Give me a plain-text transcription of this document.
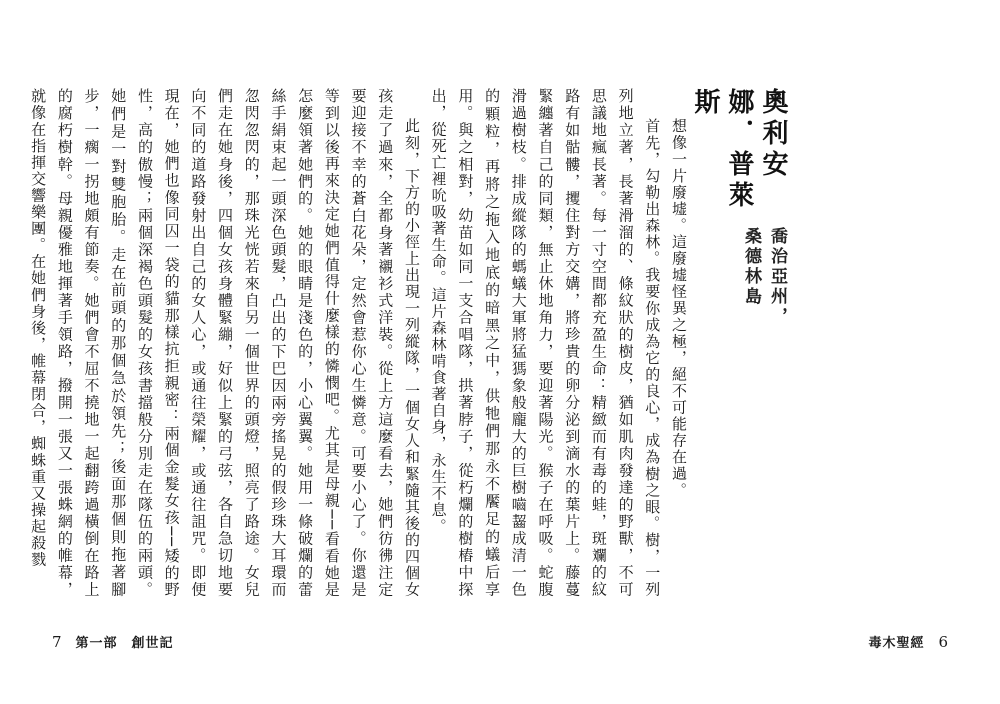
奧利安娜．普萊斯
喬治亞州，桑德林島

想像一片廢墟。這廢墟怪異之極，絕不可能存在過。

首先，勾勒出森林。我要你成為它的良心，成為樹之眼。樹，一列列地立著，長著滑溜的、條紋狀的樹皮，猶如肌肉發達的野獸，不可思議地瘋長著。每一寸空間都充盈生命：精緻而有毒的蛙，斑斕的紋路有如骷髏，攫住對方交媾，將珍貴的卵分泌到滴水的葉片上。藤蔓緊纏著自己的同類，無止休地角力，要迎著陽光。猴子在呼吸。蛇腹滑過樹枝。排成縱隊的螞蟻大軍將猛獁象般龐大的巨樹嚙齧成清一色的顆粒，再將之拖入地底的暗黑之中，供牠們那永不饜足的蟻后享用。與之相對，幼苗如同一支合唱隊，拱著脖子，從朽爛的樹樁中探出，從死亡裡吮吸著生命。這片森林啃食著自身，永生不息。

此刻，下方的小徑上出現一列縱隊，一個女人和緊隨其後的四個女孩走了過來，全都身著襯衫式洋裝。從上方這麼看去，她們彷彿注定要迎接不幸的蒼白花朵，定然會惹你心生憐意。可要小心了。你還是等到以後再來決定她們值得什麼樣的憐憫吧。尤其是母親──看看她是怎麼領著她們的。她的眼睛是淺色的，小心翼翼。她用一條破爛的蕾絲手絹束起一頭深色頭髮，凸出的下巴因兩旁搖晃的假珍珠大耳環而忽閃忽閃的，那珠光恍若來自另一個世界的頭燈，照亮了路途。女兒們走在她身後，四個女孩身體緊繃，好似上緊的弓弦，各自急切地要向不同的道路發射出自己的女人心，或通往榮耀，或通往詛咒。即便現在，她們也像同囚一袋的貓那樣抗拒親密：兩個金髮女孩──矮的野性，高的傲慢；兩個深褐色頭髮的女孩書擋般分別走在隊伍的兩頭。她們是一對雙胞胎。走在前頭的那個急於領先；後面那個則拖著腳步，一瘸一拐地頗有節奏。她們會不屈不撓地一起翻跨過橫倒在路上的腐朽樹幹。母親優雅地揮著手領路，撥開一張又一張蛛網的帷幕，就像在指揮交響樂團。在她們身後，帷幕閉合，蜘蛛重又操起殺戮

7 第一部　創世記	毒木聖經 6
